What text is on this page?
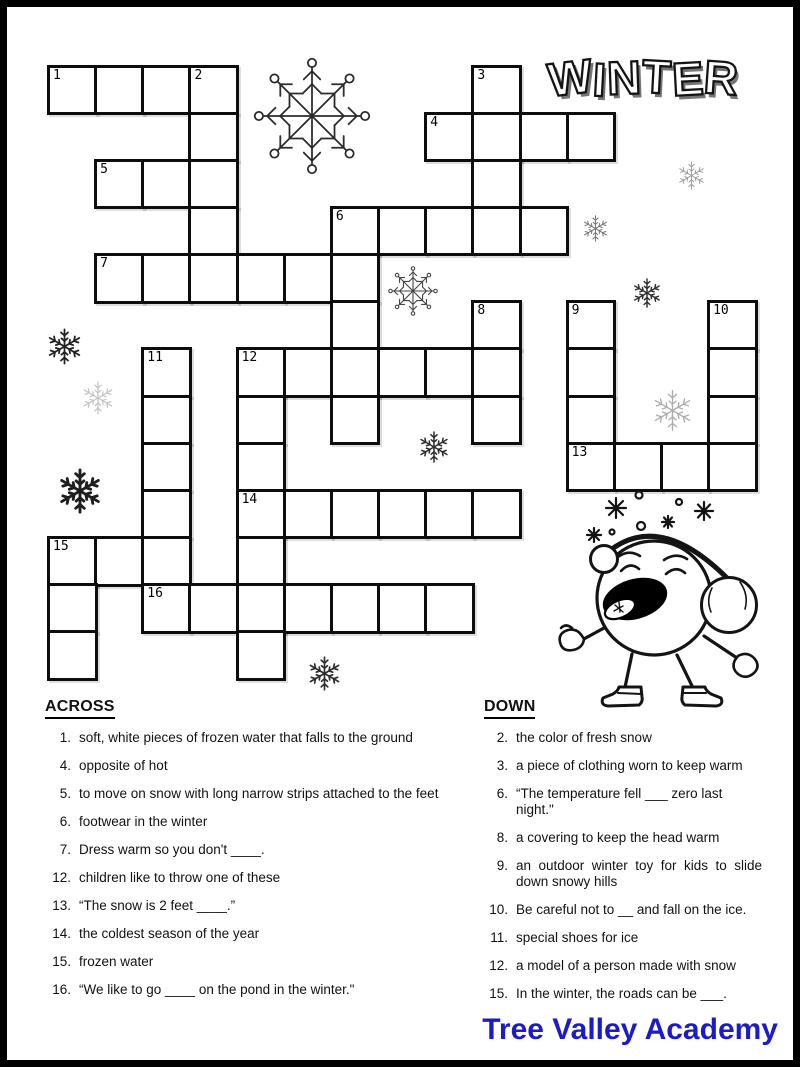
WINTER
1	2	3
4
5
6
7
8	9	10
11	12
13
14
15
16
ACROSS
1. soft, white pieces of frozen water that falls to the ground
4. opposite of hot
5. to move on snow with long narrow strips attached to the feet
6. footwear in the winter
7. Dress warm so you don't ____.
12. children like to throw one of these
13. “The snow is 2 feet ____.”
14. the coldest season of the year
15. frozen water
16. “We like to go ____ on the pond in the winter."
DOWN
2. the color of fresh snow
3. a piece of clothing worn to keep warm
6. “The temperature fell ___ zero last night."
8. a covering to keep the head warm
9. an outdoor winter toy for kids to slide down snowy hills
10. Be careful not to __ and fall on the ice.
11. special shoes for ice
12. a model of a person made with snow
15. In the winter, the roads can be ___.
Tree Valley Academy
